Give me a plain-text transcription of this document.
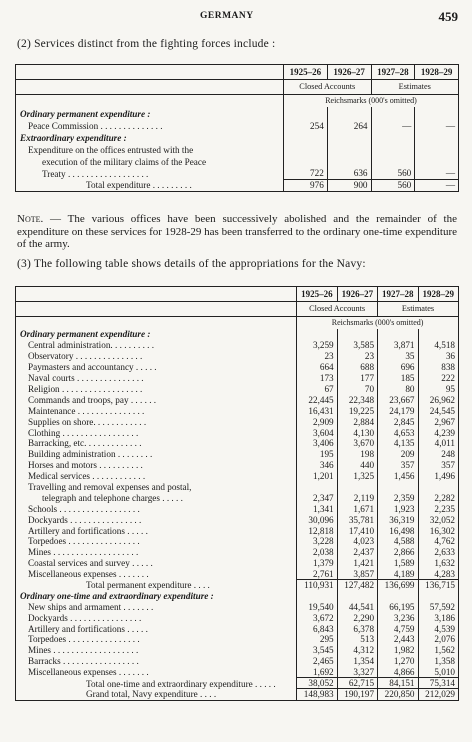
GERMANY	459
(2) Services distinct from the fighting forces include :
	1925–26	1926–27	1927–28	1928–29
	Closed Accounts		Estimates	
	Reichsmarks (000's omitted)			
Ordinary permanent expenditure :				
Peace Commission . . . . . . . . . . . . . .	254	264	—	—
Extraordinary expenditure :				
Expenditure on the offices entrusted with the				
execution of the military claims of the Peace				
Treaty . . . . . . . . . . . . . . . . . .	722	636	560	—
Total expenditure . . . . . . . . .	976	900	560	—
Note. — The various offices have been successively abolished and the remainder of the expenditure on these services for 1928-29 has been transferred to the ordinary one-time expenditure of the army.
(3) The following table shows details of the appropriations for the Navy:
	1925–26	1926–27	1927–28	1928–29
	Closed Accounts		Estimates	
	Reichsmarks (000's omitted)			
Ordinary permanent expenditure :				
Central administration. . . . . . . . . .	3,259	3,585	3,871	4,518
Observatory . . . . . . . . . . . . . . .	23	23	35	36
Paymasters and accountancy . . . . .	664	688	696	838
Naval courts . . . . . . . . . . . . . . .	173	177	185	222
Religion . . . . . . . . . . . . . . . . . .	67	70	80	95
Commands and troops, pay . . . . . .	22,445	22,348	23,667	26,962
Maintenance . . . . . . . . . . . . . . .	16,431	19,225	24,179	24,545
Supplies on shore. . . . . . . . . . . .	2,909	2,884	2,845	2,967
Clothing . . . . . . . . . . . . . . . . .	3,604	4,130	4,653	4,239
Barracking, etc. . . . . . . . . . . . .	3,406	3,670	4,135	4,011
Building administration . . . . . . . .	195	198	209	248
Horses and motors . . . . . . . . . .	346	440	357	357
Medical services . . . . . . . . . . . .	1,201	1,325	1,456	1,496
Travelling and removal expenses and postal,				
telegraph and telephone charges . . . . .	2,347	2,119	2,359	2,282
Schools . . . . . . . . . . . . . . . . . .	1,341	1,671	1,923	2,235
Dockyards . . . . . . . . . . . . . . . .	30,096	35,781	36,319	32,052
Artillery and fortifications . . . . .	12,818	17,410	16,498	16,302
Torpedoes . . . . . . . . . . . . . . . .	3,228	4,023	4,588	4,762
Mines . . . . . . . . . . . . . . . . . . .	2,038	2,437	2,866	2,633
Coastal services and survey . . . . .	1,379	1,421	1,589	1,632
Miscellaneous expenses . . . . . . .	2,761	3,857	4,189	4,283
Total permanent expenditure . . . .	110,931	127,482	136,699	136,715
Ordinary one-time and extraordinary expenditure :				
New ships and armament . . . . . . .	19,540	44,541	66,195	57,592
Dockyards . . . . . . . . . . . . . . . .	3,672	2,290	3,236	3,186
Artillery and fortifications . . . . .	6,843	6,378	4,759	4,539
Torpedoes . . . . . . . . . . . . . . . .	295	513	2,443	2,076
Mines . . . . . . . . . . . . . . . . . . .	3,545	4,312	1,982	1,562
Barracks . . . . . . . . . . . . . . . . .	2,465	1,354	1,270	1,358
Miscellaneous expenses . . . . . . .	1,692	3,327	4,866	5,010
Total one-time and extraordinary expenditure . . . . .	38,052	62,715	84,151	75,314
Grand total, Navy expenditure . . . .	148,983	190,197	220,850	212,029
